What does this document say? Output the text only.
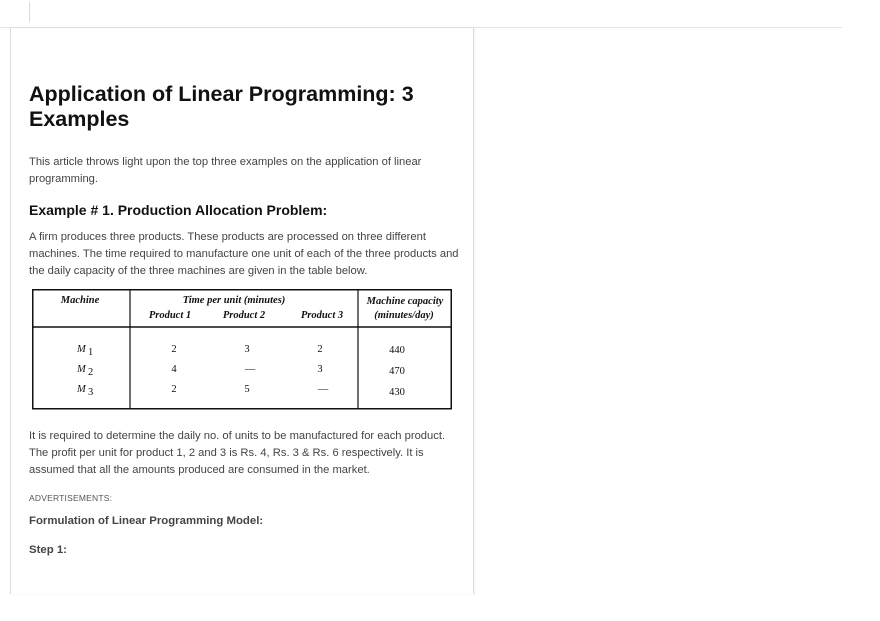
Application of Linear Programming: 3 Examples

This article throws light upon the top three examples on the application of linear programming.

Example # 1. Production Allocation Problem:

A firm produces three products. These products are processed on three different machines. The time required to manufacture one unit of each of the three products and the daily capacity of the three machines are given in the table below.

Machine	Time per unit (minutes)
Product 1	Product 2	Product 3
Machine capacity
(minutes/day)
M 1	2	3	2	440
M 2	4	—	3	470
M 3	2	5	—	430

It is required to determine the daily no. of units to be manufactured for each product. The profit per unit for product 1, 2 and 3 is Rs. 4, Rs. 3 & Rs. 6 respectively. It is assumed that all the amounts produced are consumed in the market.

ADVERTISEMENTS:
Formulation of Linear Programming Model:
Step 1:
